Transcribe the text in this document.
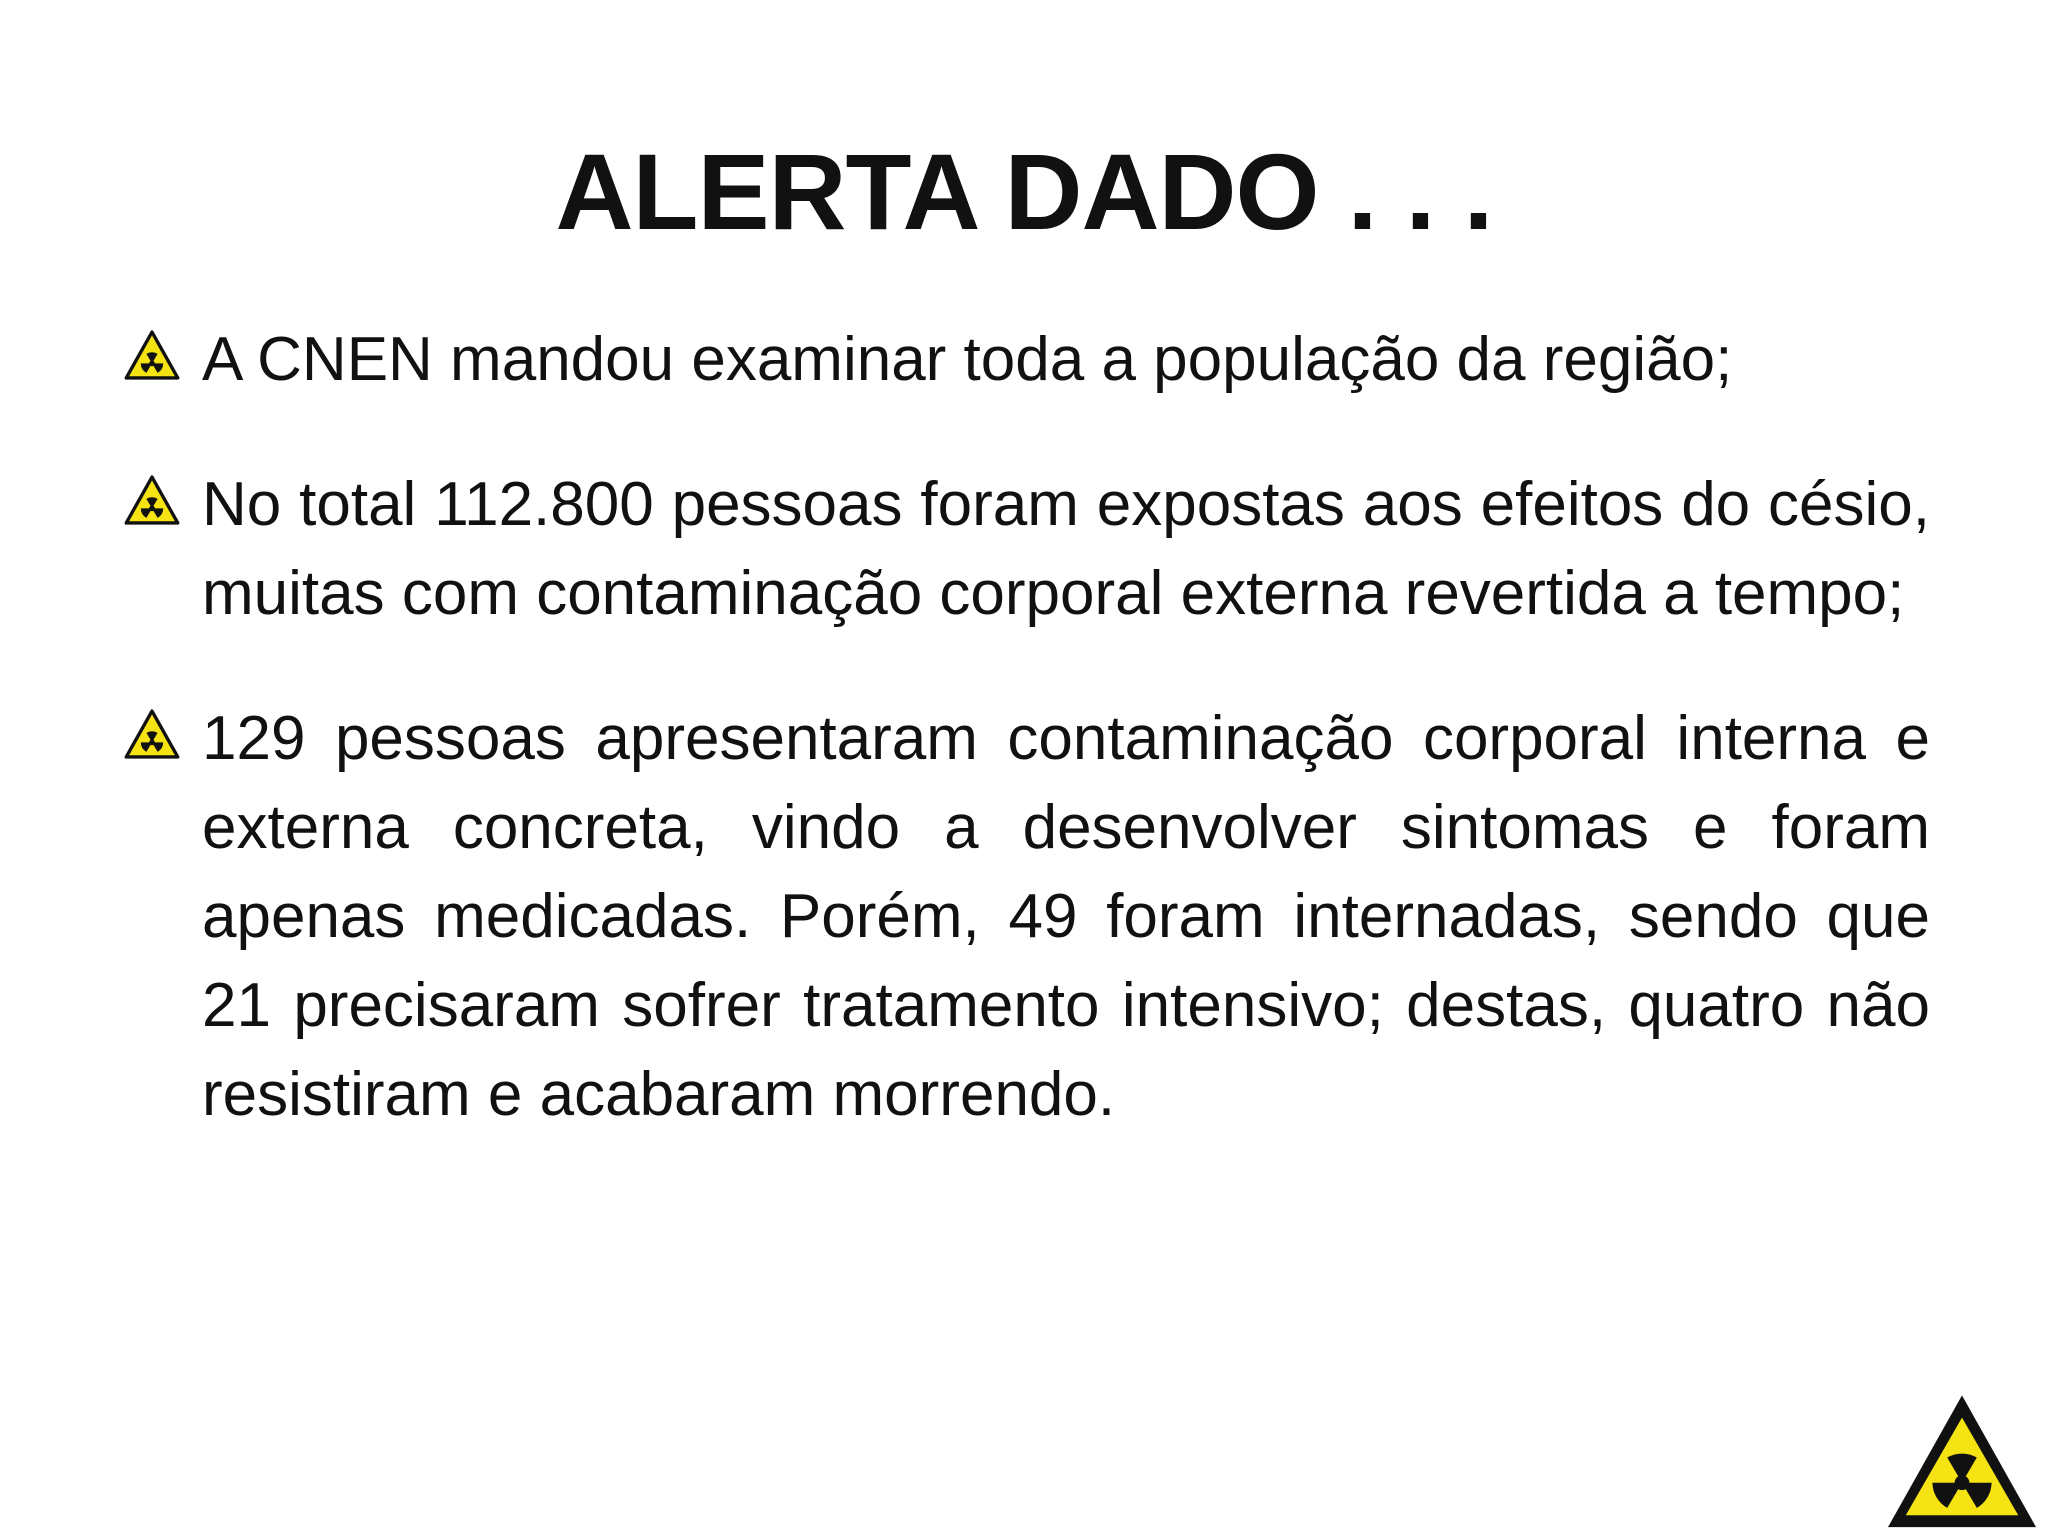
ALERTA DADO . . .
A CNEN mandou examinar toda a população da região;
No total 112.800 pessoas foram expostas aos efeitos do césio, muitas com contaminação corporal externa revertida a tempo;
129 pessoas apresentaram contaminação corporal interna e externa concreta, vindo a desenvolver sintomas e foram apenas medicadas. Porém, 49 foram internadas, sendo que 21 precisaram sofrer tratamento intensivo; destas, quatro não resistiram e acabaram morrendo.
